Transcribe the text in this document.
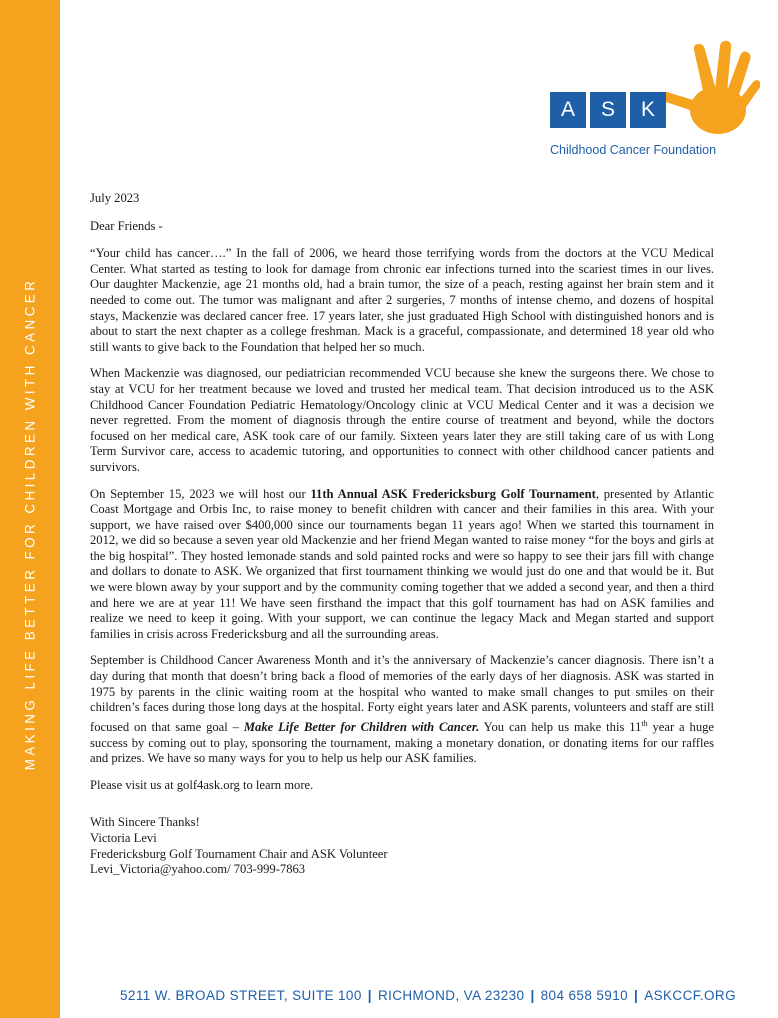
MAKING LIFE BETTER FOR CHILDREN WITH CANCER
A	S	K
Childhood Cancer Foundation

July 2023

Dear Friends -

“Your child has cancer….” In the fall of 2006, we heard those terrifying words from the doctors at the VCU Medical Center. What started as testing to look for damage from chronic ear infections turned into the scariest times in our lives. Our daughter Mackenzie, age 21 months old, had a brain tumor, the size of a peach, resting against her brain stem and it needed to come out. The tumor was malignant and after 2 surgeries, 7 months of intense chemo, and dozens of hospital stays, Mackenzie was declared cancer free. 17 years later, she just graduated High School with distinguished honors and is about to start the next chapter as a college freshman. Mack is a graceful, compassionate, and determined 18 year old who still wants to give back to the Foundation that helped her so much.

When Mackenzie was diagnosed, our pediatrician recommended VCU because she knew the surgeons there. We chose to stay at VCU for her treatment because we loved and trusted her medical team. That decision introduced us to the ASK Childhood Cancer Foundation Pediatric Hematology/Oncology clinic at VCU Medical Center and it was a decision we never regretted. From the moment of diagnosis through the entire course of treatment and beyond, while the doctors focused on her medical care, ASK took care of our family. Sixteen years later they are still taking care of us with Long Term Survivor care, access to academic tutoring, and opportunities to connect with other childhood cancer patients and survivors.

On September 15, 2023 we will host our 11th Annual ASK Fredericksburg Golf Tournament, presented by Atlantic Coast Mortgage and Orbis Inc, to raise money to benefit children with cancer and their families in this area. With your support, we have raised over $400,000 since our tournaments began 11 years ago! When we started this tournament in 2012, we did so because a seven year old Mackenzie and her friend Megan wanted to raise money “for the boys and girls at the big hospital”. They hosted lemonade stands and sold painted rocks and were so happy to see their jars fill with change and dollars to donate to ASK. We organized that first tournament thinking we would just do one and that would be it. But we were blown away by your support and by the community coming together that we added a second year, and then a third and here we are at year 11! We have seen firsthand the impact that this golf tournament has had on ASK families and realize we need to keep it going. With your support, we can continue the legacy Mack and Megan started and support families in crisis across Fredericksburg and all the surrounding areas.

September is Childhood Cancer Awareness Month and it’s the anniversary of Mackenzie’s cancer diagnosis. There isn’t a day during that month that doesn’t bring back a flood of memories of the early days of her diagnosis. ASK was started in 1975 by parents in the clinic waiting room at the hospital who wanted to make small changes to put smiles on their children’s faces during those long days at the hospital. Forty eight years later and ASK parents, volunteers and staff are still focused on that same goal – Make Life Better for Children with Cancer. You can help us make this 11th year a huge success by coming out to play, sponsoring the tournament, making a monetary donation, or donating items for our raffles and prizes. We have so many ways for you to help us help our ASK families.

Please visit us at golf4ask.org to learn more.

With Sincere Thanks!
Victoria Levi
Fredericksburg Golf Tournament Chair and ASK Volunteer
Levi_Victoria@yahoo.com/ 703-999-7863

5211 W. BROAD STREET, SUITE 100 | RICHMOND, VA 23230 | 804 658 5910 | ASKCCF.ORG
